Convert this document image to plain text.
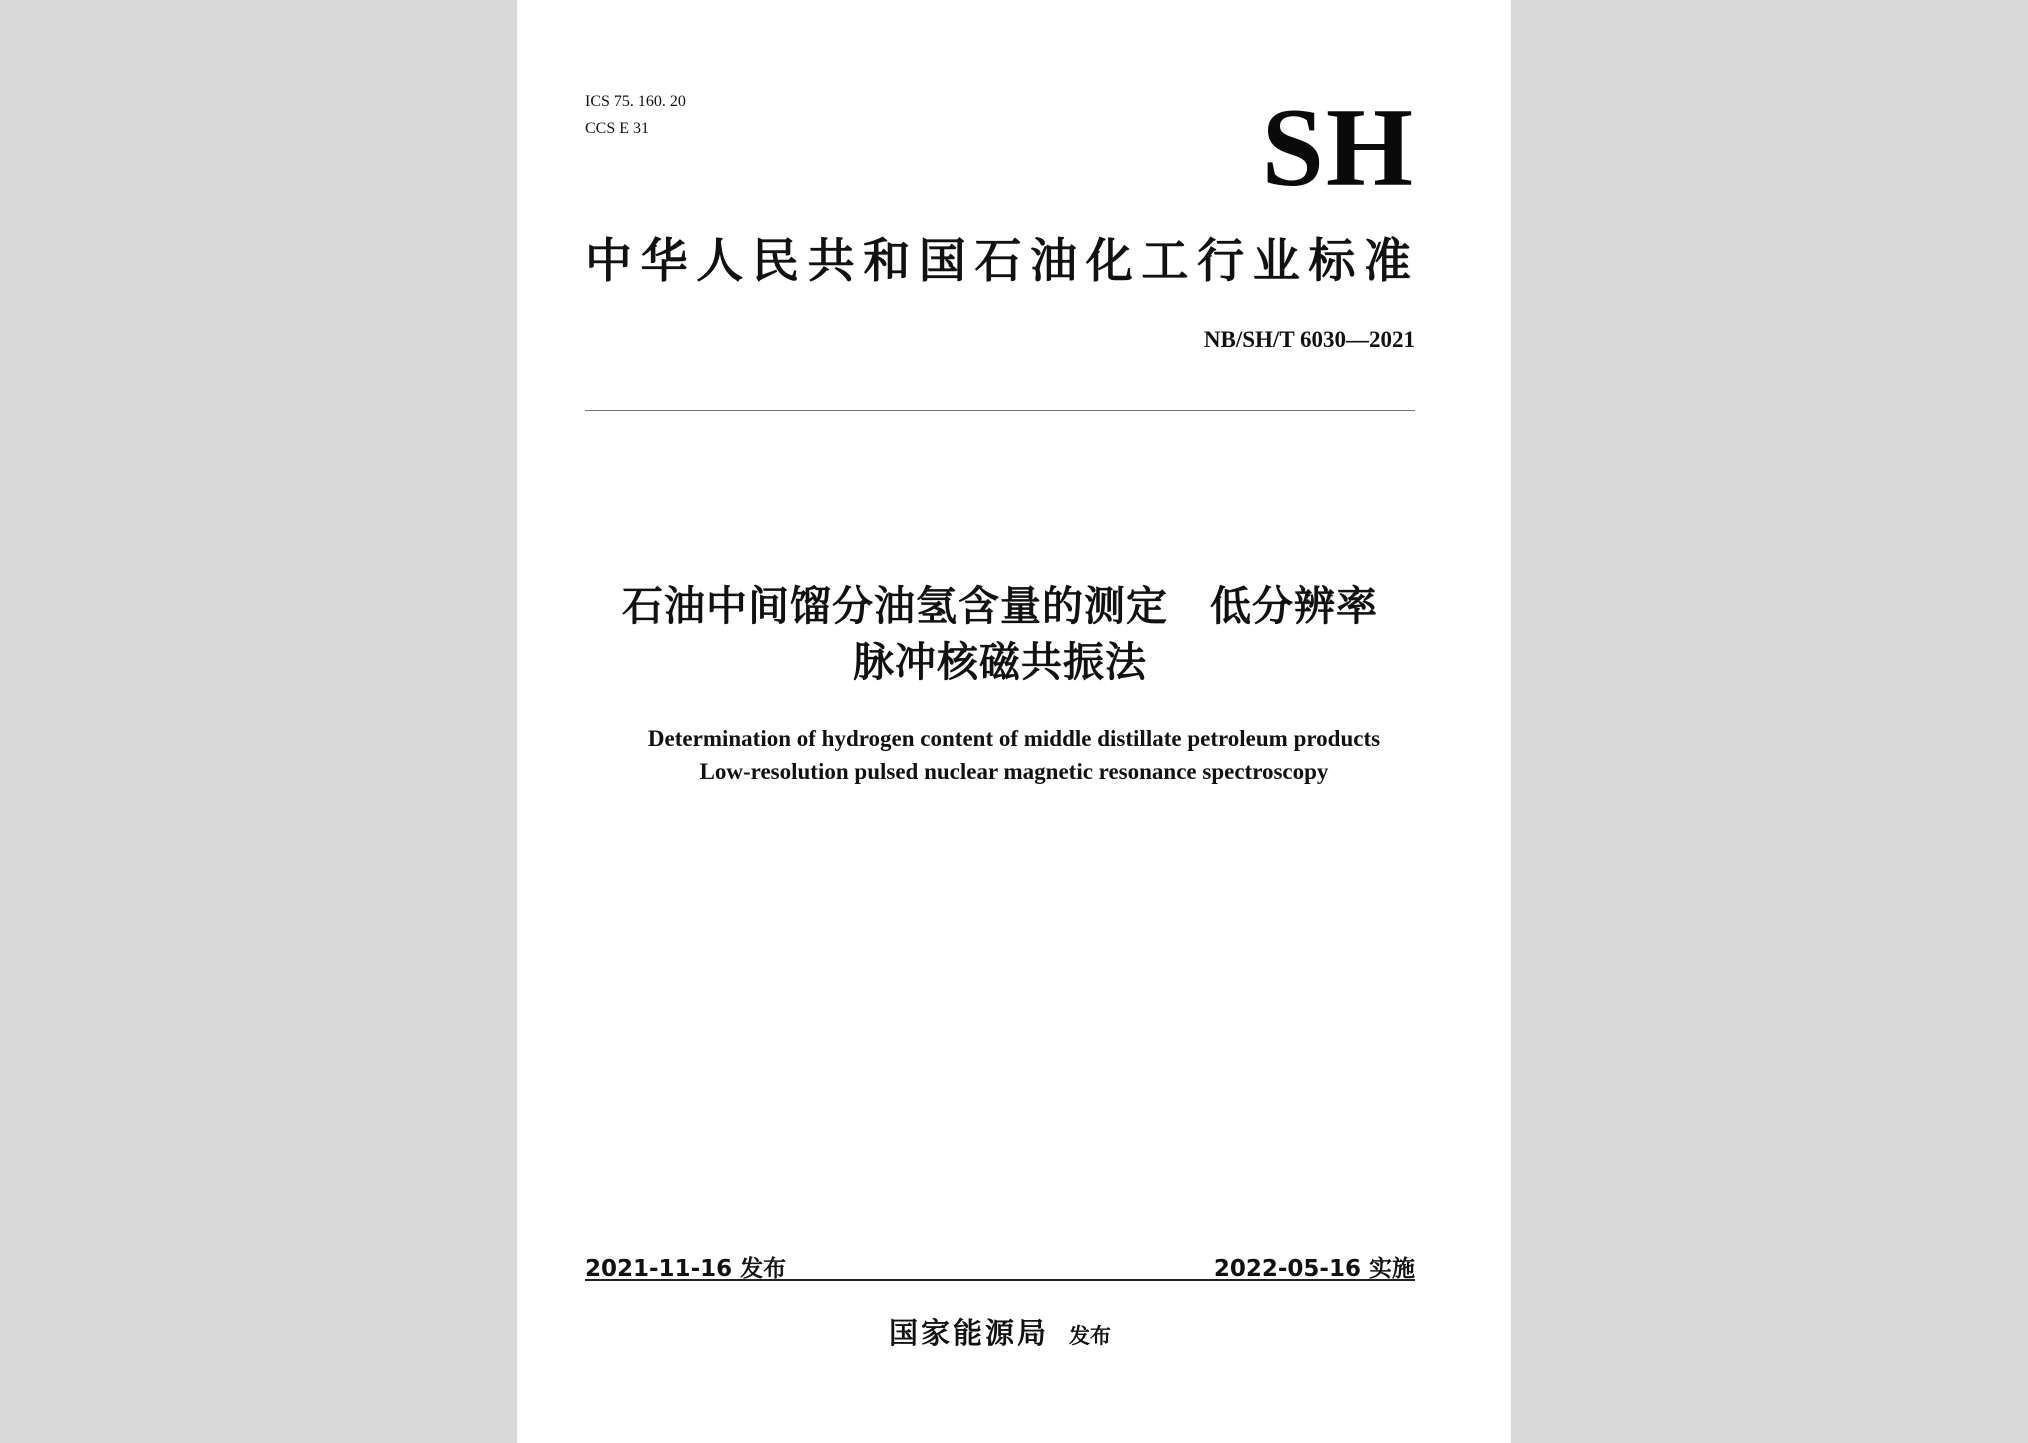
ICS 75. 160. 20
CCS E 31	SH
中华人民共和国石油化工行业标准
NB/SH/T 6030—2021
石油中间馏分油氢含量的测定　低分辨率
脉冲核磁共振法
Determination of hydrogen content of middle distillate petroleum products
Low-resolution pulsed nuclear magnetic resonance spectroscopy
2021-11-16 发布	2022-05-16 实施
国家能源局 发布
